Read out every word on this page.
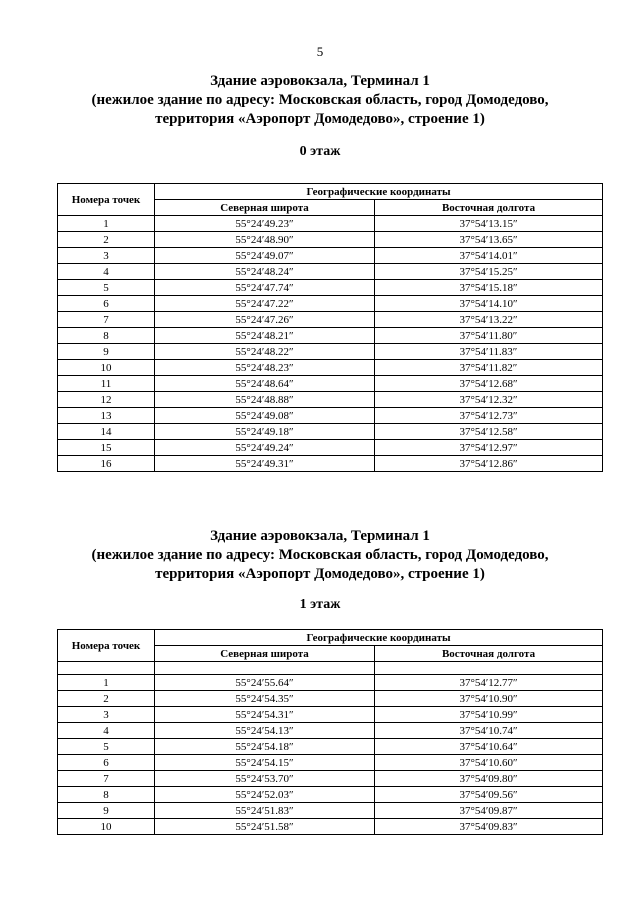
5
Здание аэровокзала, Терминал 1
(нежилое здание по адресу: Московская область, город Домодедово,
территория «Аэропорт Домодедово», строение 1)
0 этаж
Номера точек	Географические координаты	
	Северная широта	Восточная долгота
1	55°24′49.23″	37°54′13.15″
2	55°24′48.90″	37°54′13.65″
3	55°24′49.07″	37°54′14.01″
4	55°24′48.24″	37°54′15.25″
5	55°24′47.74″	37°54′15.18″
6	55°24′47.22″	37°54′14.10″
7	55°24′47.26″	37°54′13.22″
8	55°24′48.21″	37°54′11.80″
9	55°24′48.22″	37°54′11.83″
10	55°24′48.23″	37°54′11.82″
11	55°24′48.64″	37°54′12.68″
12	55°24′48.88″	37°54′12.32″
13	55°24′49.08″	37°54′12.73″
14	55°24′49.18″	37°54′12.58″
15	55°24′49.24″	37°54′12.97″
16	55°24′49.31″	37°54′12.86″
Здание аэровокзала, Терминал 1
(нежилое здание по адресу: Московская область, город Домодедово,
территория «Аэропорт Домодедово», строение 1)
1 этаж
Номера точек	Географические координаты	
	Северная широта	Восточная долгота

1	55°24′55.64″	37°54′12.77″
2	55°24′54.35″	37°54′10.90″
3	55°24′54.31″	37°54′10.99″
4	55°24′54.13″	37°54′10.74″
5	55°24′54.18″	37°54′10.64″
6	55°24′54.15″	37°54′10.60″
7	55°24′53.70″	37°54′09.80″
8	55°24′52.03″	37°54′09.56″
9	55°24′51.83″	37°54′09.87″
10	55°24′51.58″	37°54′09.83″
